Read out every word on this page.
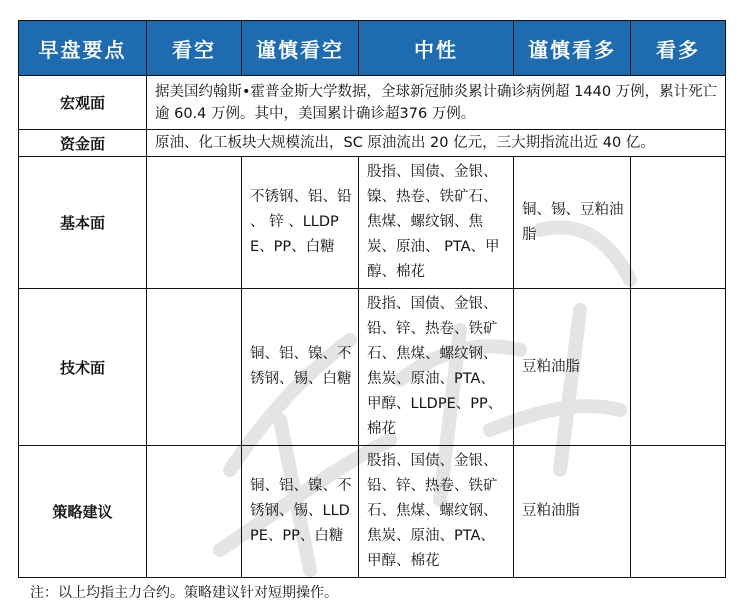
早盘要点	看空	谨慎看空	中性	谨慎看多	看多
宏观面	据美国约翰斯•霍普金斯大学数据，全球新冠肺炎累计确诊病例超 1440 万例，累计死亡逾 60.4 万例。其中，美国累计确诊超376 万例。				
资金面	原油、化工板块大规模流出，SC 原油流出 20 亿元，三大期指流出近 40 亿。				
基本面		不锈钢、铝、铅 、 锌 、LLDPE、PP、白糖	股指、国债、金银、镍、热卷、铁矿石、焦煤、螺纹钢、焦炭、原油、 PTA、甲醇、棉花	铜、锡、豆粕油脂	
技术面		铜、铝、镍、不锈钢、锡、白糖	股指、国债、金银、铅、锌、热卷、铁矿石、焦煤、螺纹钢、焦炭、原油、PTA、甲醇、LLDPE、PP、棉花	豆粕油脂	
策略建议		铜、铝、镍、不锈钢、锡、LLDPE、PP、白糖	股指、国债、金银、铅、锌、热卷、铁矿石、焦煤、螺纹钢、焦炭、原油、PTA、甲醇、棉花	豆粕油脂	
注：以上均指主力合约。策略建议针对短期操作。
